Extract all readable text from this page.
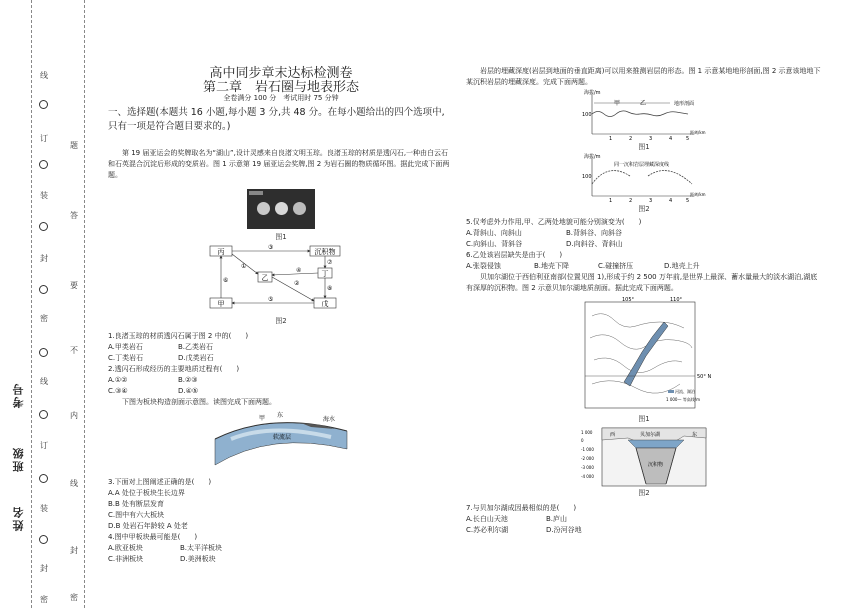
线
订
装
封
密
线
订
装
封
密
题
答
要
不
内
线
封
密
考号
班级
姓名
高中同步章末达标检测卷
第二章　岩石圈与地表形态
全卷满分 100 分　考试用时 75 分钟
一、选择题(本题共 16 小题,每小题 3 分,共 48 分。在每小题给出的四个选项中,只有一项是符合题目要求的。)
第 19 届亚运会的奖牌取名为“湖山”,设计灵感来自良渚文明玉琮。良渚玉琮的材质是透闪石,一种由白云石和石英混合沉淀后形成的变质岩。图 1 示意第 19 届亚运会奖牌,图 2 为岩石圈的物质循环图。据此完成下面两题。
图1
丙	沉积物
丁
乙
甲	戊
③
①
②
④
⑤
⑥
⑦
⑧
图2
1.良渚玉琮的材质透闪石属于图 2 中的(　　)
A.甲类岩石	B.乙类岩石
C.丁类岩石	D.戊类岩石
2.透闪石形成经历的主要地质过程有(　　)
A.①②	B.②③
C.③④	D.④⑤
下图为板块构造剖面示意图。读图完成下面两题。
甲 东
海水
软流层
3.下面对上图阐述正确的是(　　)
A.A 处位于板块生长边界
B.B 处有断层发育
C.图中有六大板块
D.B 处岩石年龄较 A 处老
4.图中甲板块最可能是(　　)
A.欧亚板块	B.太平洋板块
C.非洲板块	D.美洲板块
岩层的埋藏深度(岩层到地面的垂直距离)可以用来推测岩层的形态。图 1 示意某地地形剖面,图 2 示意该地地下某沉积岩层的埋藏深度。完成下面两题。
海拔/m
100
甲	乙	地形剖面
1	2	3	4	5
距离/km
图1
海拔/m
100
同一沉积岩层埋藏深度线
1	2	3	4	5
距离/km
图2
5.仅考虑外力作用,甲、乙两处地貌可能分别演变为(　　)
A.背斜山、向斜山	B.背斜谷、向斜谷
C.向斜山、背斜谷	D.向斜谷、背斜山
6.乙处该岩层缺失是由于(　　)
A.张裂侵蚀	B.地壳下降	C.碰撞挤压	D.地壳上升
贝加尔湖位于西伯利亚南部(位置见图 1),形成于约 2 500 万年前,是世界上最深、蓄水量最大的淡水湖泊,湖底有深厚的沉积物。图 2 示意贝加尔湖地质剖面。据此完成下面两题。
105°	110°
50° N
河流、湖泊
1 000— 等高线/m
图1
西	东
贝加尔湖
沉积物
1 000
0
-1 000
-2 000
-3 000
-4 000
图2
7.与贝加尔湖成因最相似的是(　　)
A.长白山天池	B.庐山
C.苏必利尔湖	D.汾河谷地
